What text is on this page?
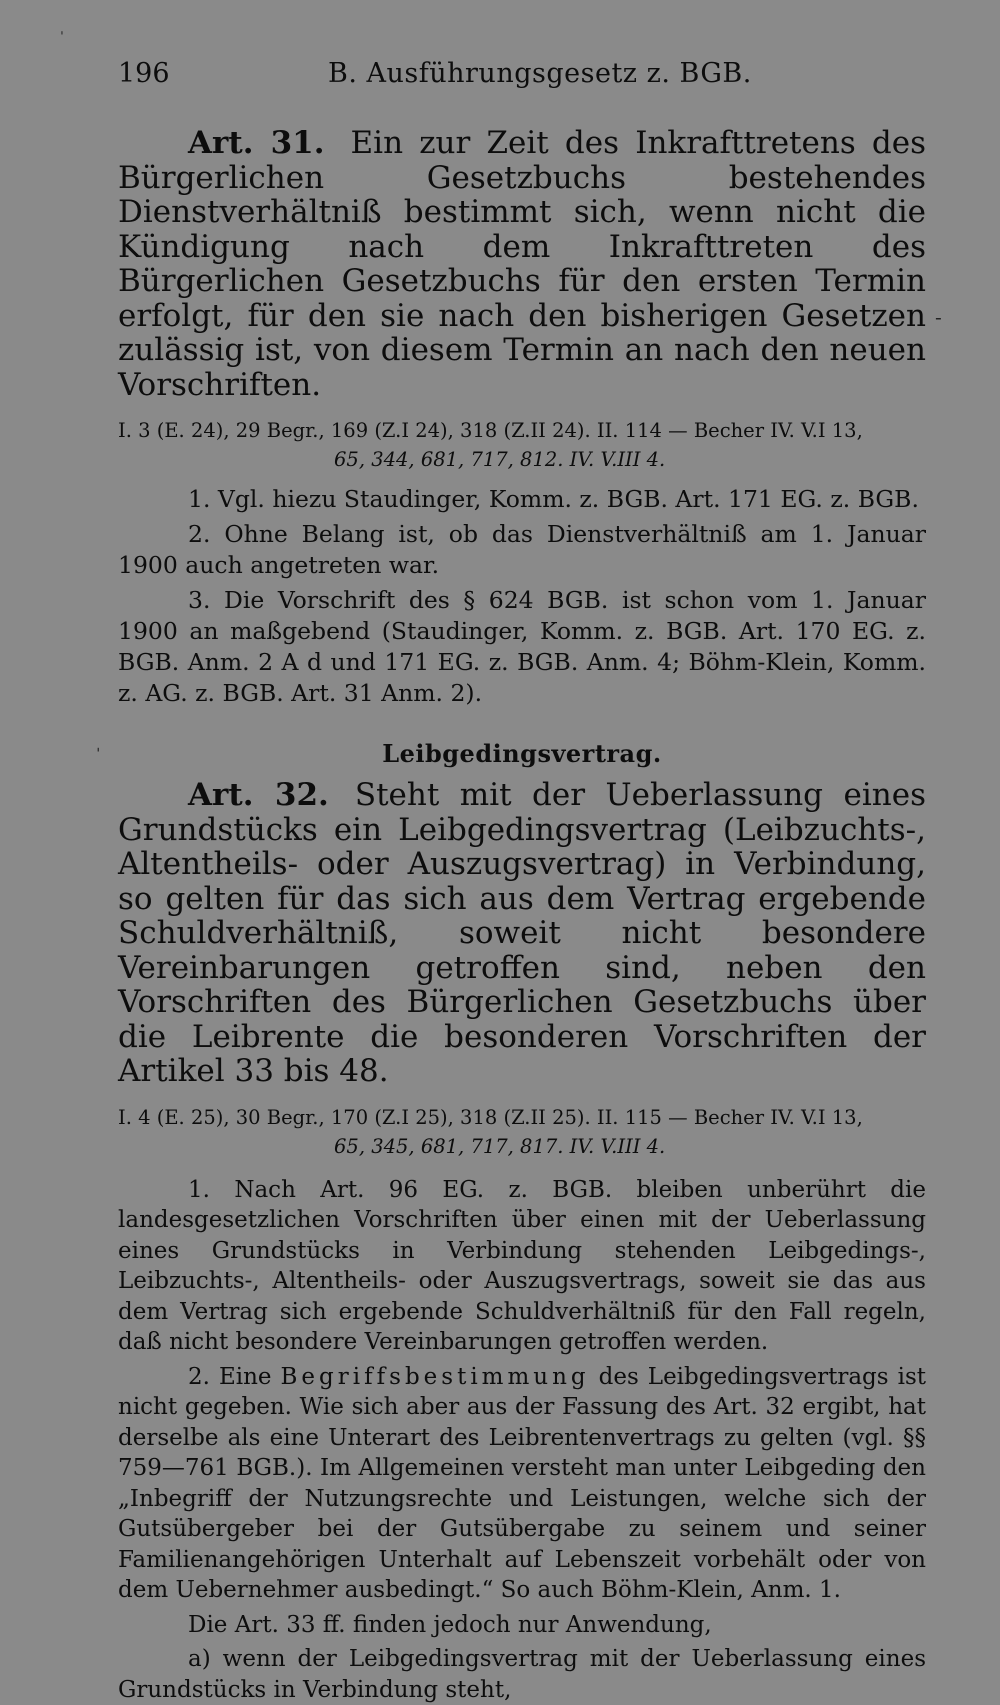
196	B. Ausführungsgesetz z. BGB.
Art. 31. Ein zur Zeit des Inkrafttretens des Bürgerlichen Gesetzbuchs bestehendes Dienstverhältniß bestimmt sich, wenn nicht die Kündigung nach dem Inkrafttreten des Bürgerlichen Gesetzbuchs für den ersten Termin erfolgt, für den sie nach den bisherigen Gesetzen zulässig ist, von diesem Termin an nach den neuen Vorschriften.
I. 3 (E. 24), 29 Begr., 169 (Z.I 24), 318 (Z.II 24). II. 114 — Becher IV. V.I 13,
65, 344, 681, 717, 812. IV. V.III 4.
1. Vgl. hiezu Staudinger, Komm. z. BGB. Art. 171 EG. z. BGB.
2. Ohne Belang ist, ob das Dienstverhältniß am 1. Januar 1900 auch angetreten war.
3. Die Vorschrift des § 624 BGB. ist schon vom 1. Januar 1900 an maßgebend (Staudinger, Komm. z. BGB. Art. 170 EG. z. BGB. Anm. 2 A d und 171 EG. z. BGB. Anm. 4; Böhm-Klein, Komm. z. AG. z. BGB. Art. 31 Anm. 2).
Leibgedingsvertrag.
Art. 32. Steht mit der Ueberlassung eines Grundstücks ein Leibgedingsvertrag (Leibzuchts-, Altentheils- oder Auszugsvertrag) in Verbindung, so gelten für das sich aus dem Vertrag ergebende Schuldverhältniß, soweit nicht besondere Vereinbarungen getroffen sind, neben den Vorschriften des Bürgerlichen Gesetzbuchs über die Leibrente die besonderen Vorschriften der Artikel 33 bis 48.
I. 4 (E. 25), 30 Begr., 170 (Z.I 25), 318 (Z.II 25). II. 115 — Becher IV. V.I 13,
65, 345, 681, 717, 817. IV. V.III 4.
1. Nach Art. 96 EG. z. BGB. bleiben unberührt die landesgesetzlichen Vorschriften über einen mit der Ueberlassung eines Grundstücks in Verbindung stehenden Leibgedings-, Leibzuchts-, Altentheils- oder Auszugsvertrags, soweit sie das aus dem Vertrag sich ergebende Schuldverhältniß für den Fall regeln, daß nicht besondere Vereinbarungen getroffen werden.
2. Eine Begriffsbestimmung des Leibgedingsvertrags ist nicht gegeben. Wie sich aber aus der Fassung des Art. 32 ergibt, hat derselbe als eine Unterart des Leibrentenvertrags zu gelten (vgl. §§ 759—761 BGB.). Im Allgemeinen versteht man unter Leibgeding den „Inbegriff der Nutzungsrechte und Leistungen, welche sich der Gutsübergeber bei der Gutsübergabe zu seinem und seiner Familienangehörigen Unterhalt auf Lebenszeit vorbehält oder von dem Uebernehmer ausbedingt.“ So auch Böhm-Klein, Anm. 1.
Die Art. 33 ff. finden jedoch nur Anwendung,
a) wenn der Leibgedingsvertrag mit der Ueberlassung eines Grundstücks in Verbindung steht,
ˈ
-
ˈ
